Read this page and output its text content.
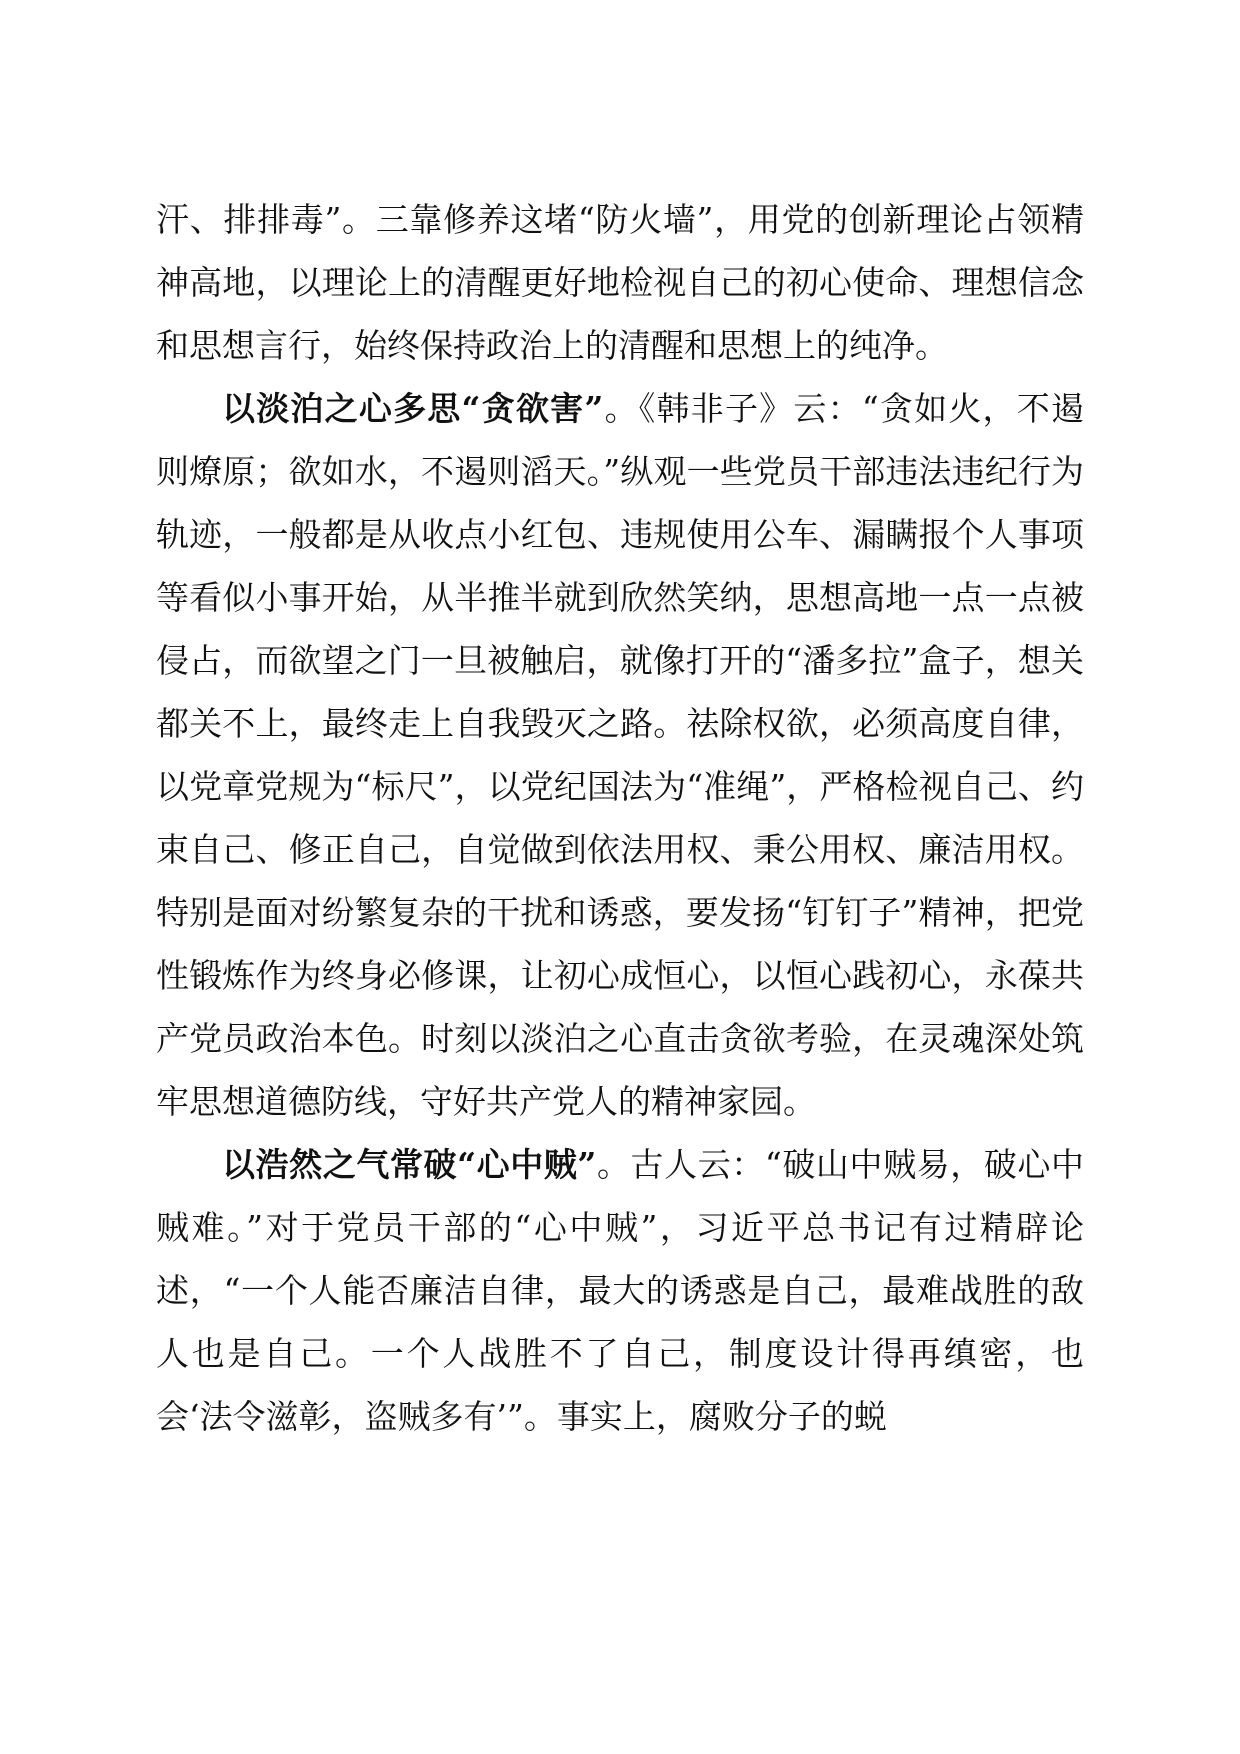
汗、排排毒”。三靠修养这堵“防火墙”，用党的创新理论占领精神高地，以理论上的清醒更好地检视自己的初心使命、理想信念和思想言行，始终保持政治上的清醒和思想上的纯净。

以淡泊之心多思“贪欲害”。《韩非子》云：“贪如火，不遏则燎原；欲如水，不遏则滔天。”纵观一些党员干部违法违纪行为轨迹，一般都是从收点小红包、违规使用公车、漏瞒报个人事项等看似小事开始，从半推半就到欣然笑纳，思想高地一点一点被侵占，而欲望之门一旦被触启，就像打开的“潘多拉”盒子，想关都关不上，最终走上自我毁灭之路。祛除权欲，必须高度自律，以党章党规为“标尺”，以党纪国法为“准绳”，严格检视自己、约束自己、修正自己，自觉做到依法用权、秉公用权、廉洁用权。特别是面对纷繁复杂的干扰和诱惑，要发扬“钉钉子”精神，把党性锻炼作为终身必修课，让初心成恒心，以恒心践初心，永葆共产党员政治本色。时刻以淡泊之心直击贪欲考验，在灵魂深处筑牢思想道德防线，守好共产党人的精神家园。

以浩然之气常破“心中贼”。古人云：“破山中贼易，破心中贼难。”对于党员干部的“心中贼”，习近平总书记有过精辟论述，“一个人能否廉洁自律，最大的诱惑是自己，最难战胜的敌人也是自己。一个人战胜不了自己，制度设计得再缜密，也会‘法令滋彰，盗贼多有’”。事实上，腐败分子的蜕
